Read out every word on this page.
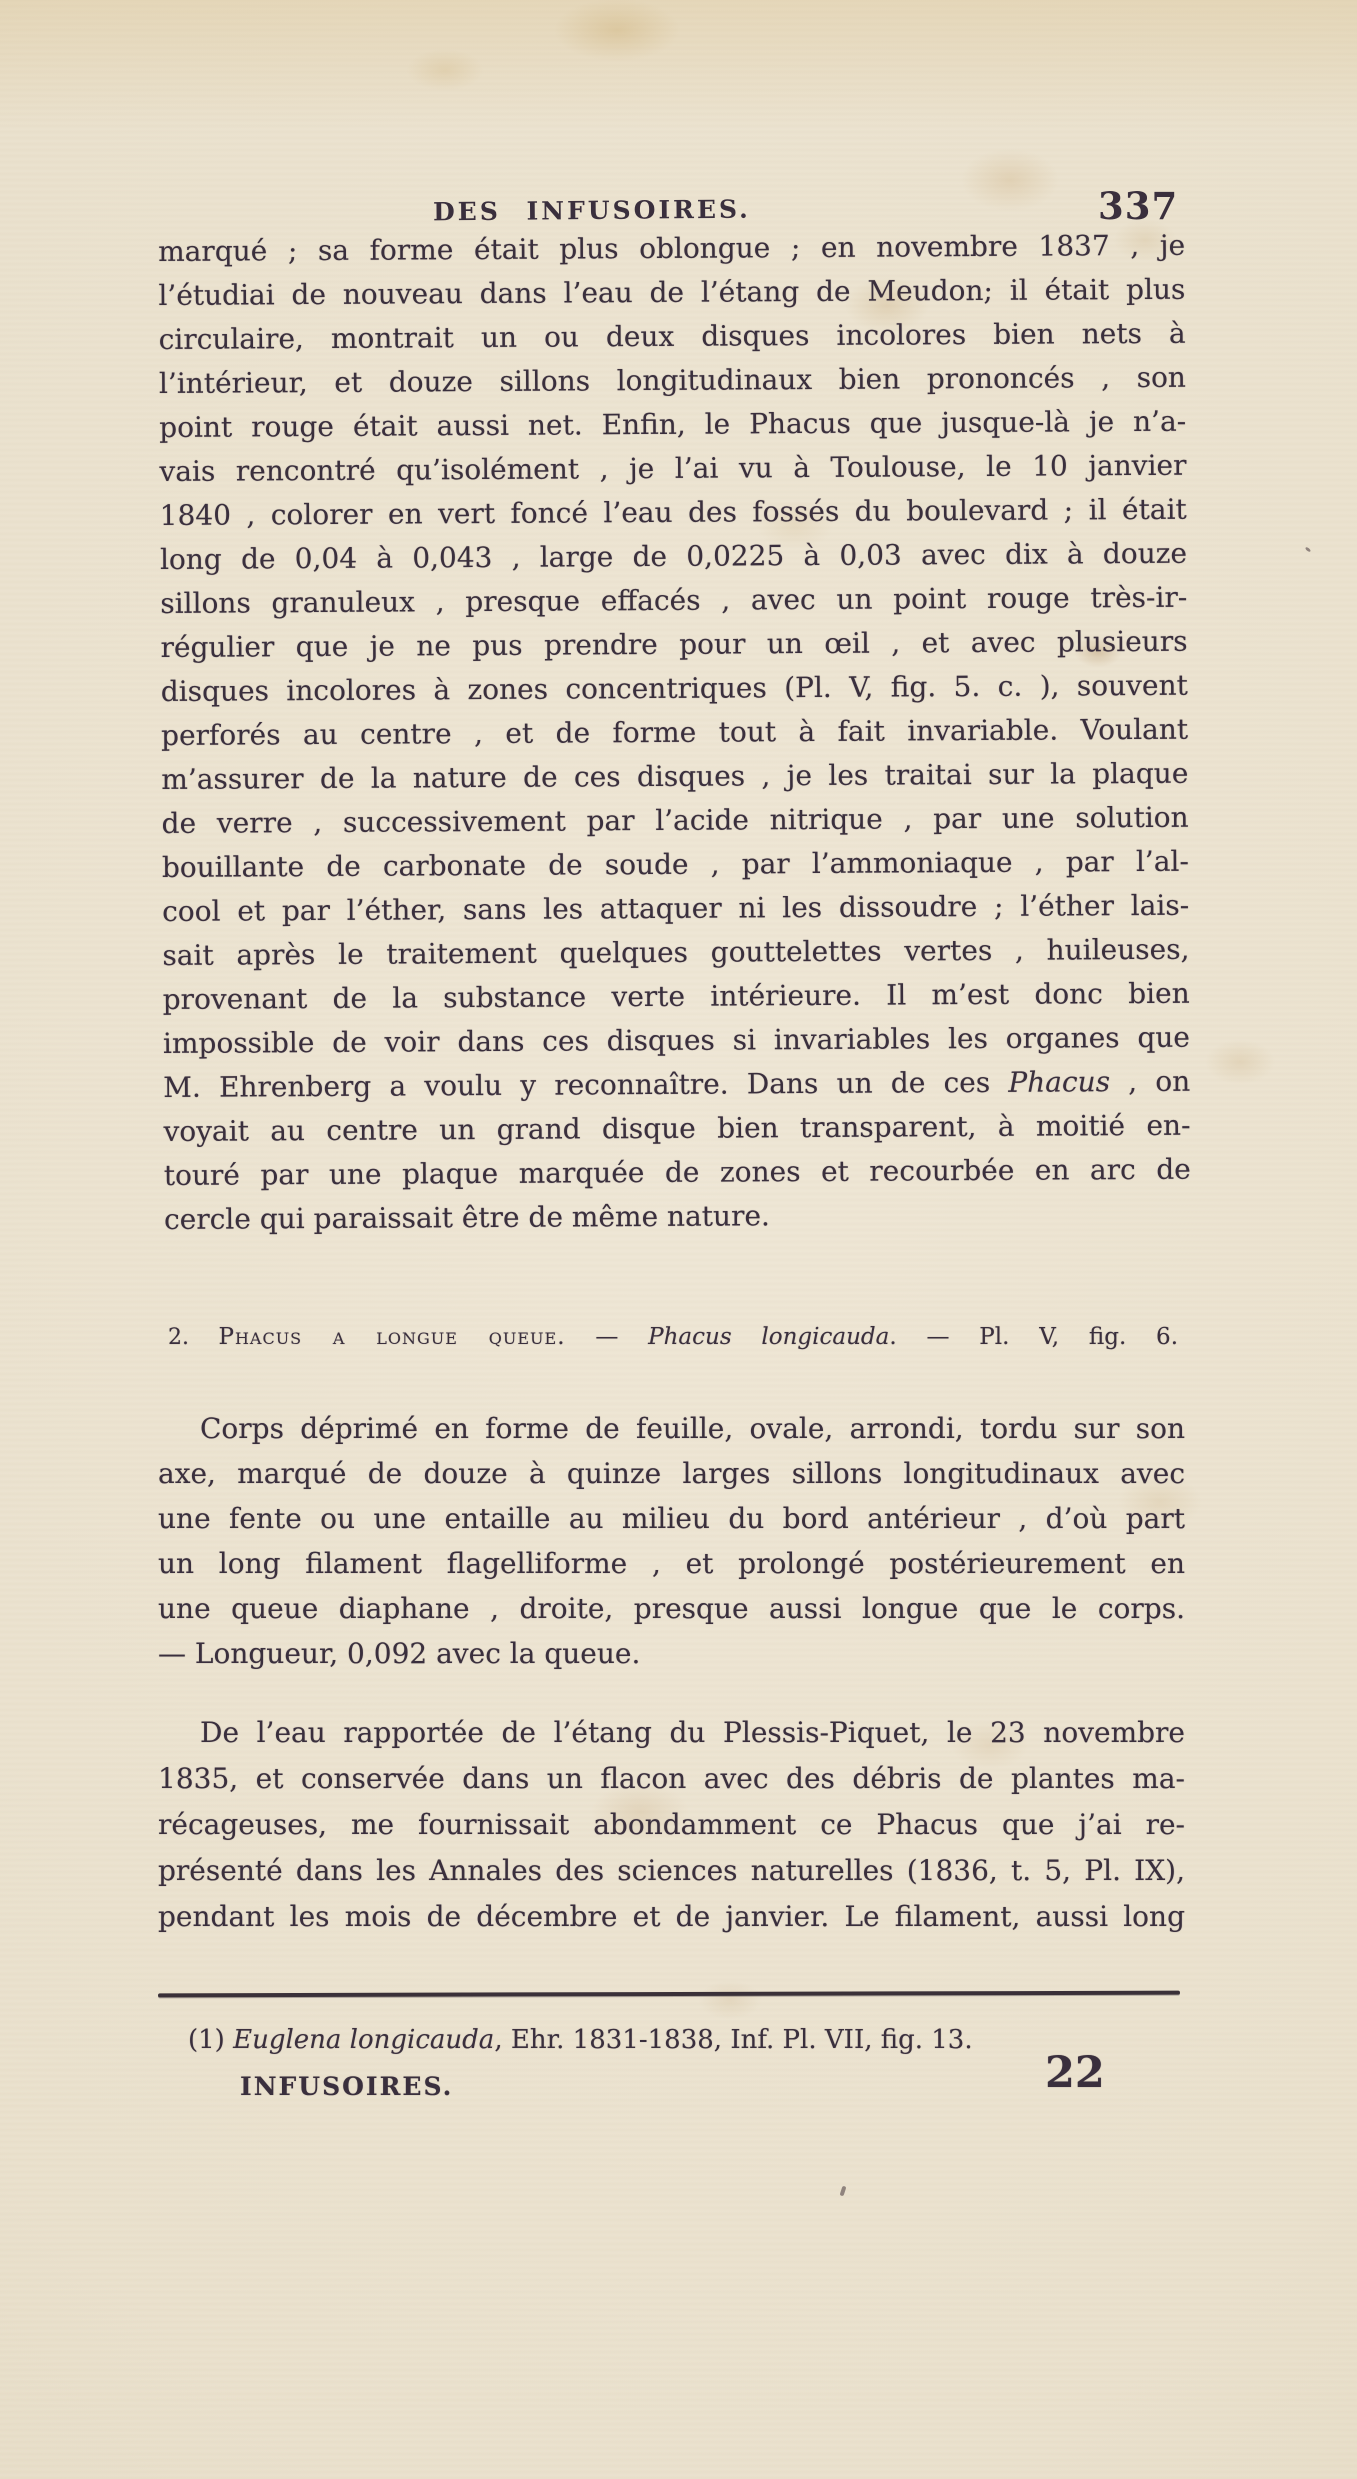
DES INFUSOIRES.	337
marqué ; sa forme était plus oblongue ; en novembre 1837 , je
l’étudiai de nouveau dans l’eau de l’étang de Meudon; il était plus
circulaire, montrait un ou deux disques incolores bien nets à
l’intérieur, et douze sillons longitudinaux bien prononcés , son
point rouge était aussi net. Enfin, le Phacus que jusque-là je n’a-
vais rencontré qu’isolément , je l’ai vu à Toulouse, le 10 janvier
1840 , colorer en vert foncé l’eau des fossés du boulevard ; il était
long de 0,04 à 0,043 , large de 0,0225 à 0,03 avec dix à douze
sillons granuleux , presque effacés , avec un point rouge très-ir-
régulier que je ne pus prendre pour un œil , et avec plusieurs
disques incolores à zones concentriques (Pl. V, fig. 5. c. ), souvent
perforés au centre , et de forme tout à fait invariable. Voulant
m’assurer de la nature de ces disques , je les traitai sur la plaque
de verre , successivement par l’acide nitrique , par une solution
bouillante de carbonate de soude , par l’ammoniaque , par l’al-
cool et par l’éther, sans les attaquer ni les dissoudre ; l’éther lais-
sait après le traitement quelques gouttelettes vertes , huileuses,
provenant de la substance verte intérieure. Il m’est donc bien
impossible de voir dans ces disques si invariables les organes que
M. Ehrenberg a voulu y reconnaître. Dans un de ces Phacus , on
voyait au centre un grand disque bien transparent, à moitié en-
touré par une plaque marquée de zones et recourbée en arc de
cercle qui paraissait être de même nature.
2. Phacus a longue queue. — Phacus longicauda. — Pl. V, fig. 6.
Corps déprimé en forme de feuille, ovale, arrondi, tordu sur son
axe, marqué de douze à quinze larges sillons longitudinaux avec
une fente ou une entaille au milieu du bord antérieur , d’où part
un long filament flagelliforme , et prolongé postérieurement en
une queue diaphane , droite, presque aussi longue que le corps.
— Longueur, 0,092 avec la queue.
De l’eau rapportée de l’étang du Plessis-Piquet, le 23 novembre
1835, et conservée dans un flacon avec des débris de plantes ma-
récageuses, me fournissait abondamment ce Phacus que j’ai re-
présenté dans les Annales des sciences naturelles (1836, t. 5, Pl. IX),
pendant les mois de décembre et de janvier. Le filament, aussi long
(1) Euglena longicauda, Ehr. 1831-1838, Inf. Pl. VII, fig. 13.
INFUSOIRES.	22
